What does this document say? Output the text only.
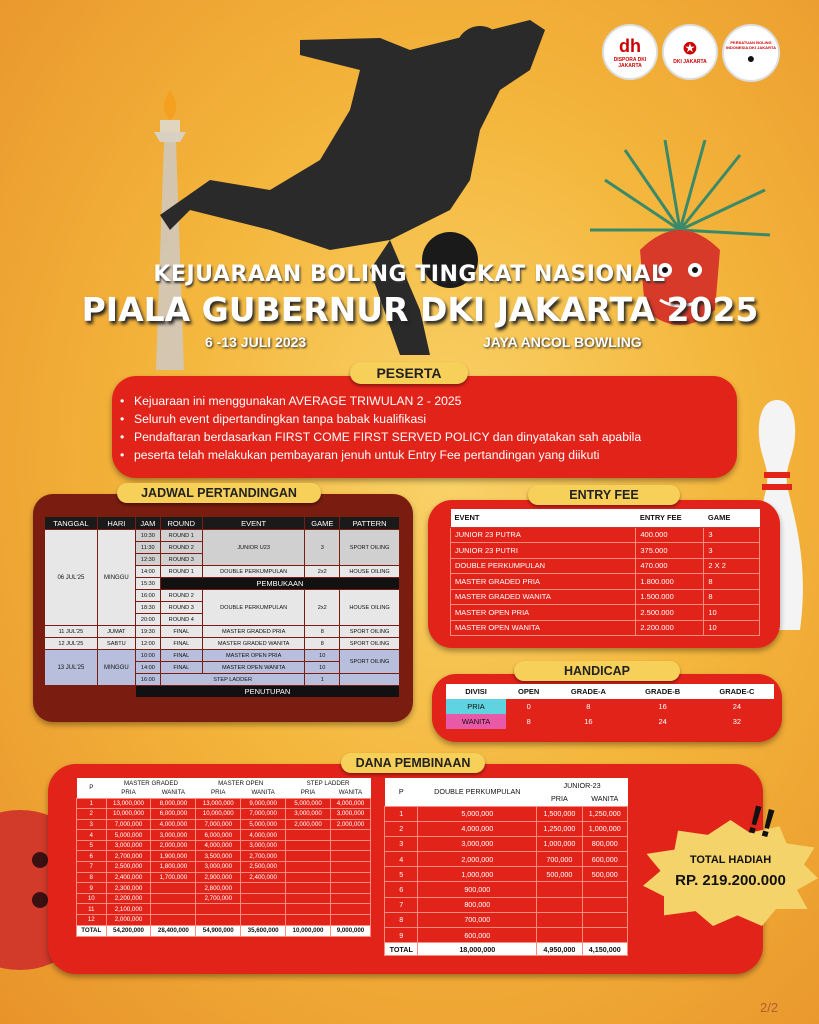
dh
DISPORA DKI JAKARTA
✪
DKI JAKARTA
PERSATUAN BOLING INDONESIA DKI JAKARTA
●
KEJUARAAN BOLING TINGKAT NASIONAL
PIALA GUBERNUR DKI JAKARTA 2025
6 -13 JULI 2023	JAYA ANCOL BOWLING
PESERTA
• Kejuaraan ini menggunakan AVERAGE TRIWULAN 2 - 2025
• Seluruh event dipertandingkan tanpa babak kualifikasi
• Pendaftaran berdasarkan FIRST COME FIRST SERVED POLICY dan dinyatakan sah apabila
• peserta telah melakukan pembayaran jenuh untuk Entry Fee pertandingan yang diikuti
JADWAL PERTANDINGAN
TANGGAL	HARI	JAM	ROUND	EVENT	GAME	PATTERN
06 JUL'25	MINGGU	10:30	ROUND 1	JUNIOR U23	3	SPORT OILING
		11:30	ROUND 2			
		12:30	ROUND 3			
		14:00	ROUND 1	DOUBLE PERKUMPULAN	2x2	HOUSE OILING
		15:30	PEMBUKAAN			
		16:00	ROUND 2	DOUBLE PERKUMPULAN	2x2	HOUSE OILING
		18:30	ROUND 3			
		20:00	ROUND 4			
11 JUL'25	JUMAT	19:30	FINAL	MASTER GRADED PRIA	8	SPORT OILING
12 JUL'25	SABTU	12:00	FINAL	MASTER GRADED WANITA	8	SPORT OILING
13 JUL'25	MINGGU	10:00	FINAL	MASTER OPEN PRIA	10	SPORT OILING
		14:00	FINAL	MASTER OPEN WANITA	10	
		16:00	STEP LADDER		1	
		PENUTUPAN				
ENTRY FEE
EVENT	ENTRY FEE	GAME
JUNIOR 23 PUTRA	400.000	3
JUNIOR 23 PUTRI	375.000	3
DOUBLE PERKUMPULAN	470.000	2 X 2
MASTER GRADED PRIA	1.800.000	8
MASTER GRADED WANITA	1.500.000	8
MASTER OPEN PRIA	2.500.000	10
MASTER OPEN WANITA	2.200.000	10
HANDICAP
DIVISI	OPEN	GRADE-A	GRADE-B	GRADE-C
PRIA	0	8	16	24
WANITA	8	16	24	32
DANA PEMBINAAN
P	MASTER GRADED		MASTER OPEN		STEP LADDER	
	PRIA	WANITA	PRIA	WANITA	PRIA	WANITA
1	13,000,000	8,000,000	13,000,000	9,000,000	5,000,000	4,000,000
2	10,000,000	6,000,000	10,000,000	7,000,000	3,000,000	3,000,000
3	7,000,000	4,000,000	7,000,000	5,000,000	2,000,000	2,000,000
4	5,000,000	3,000,000	6,000,000	4,000,000		
5	3,000,000	2,000,000	4,000,000	3,000,000		
6	2,700,000	1,900,000	3,500,000	2,700,000		
7	2,500,000	1,800,000	3,000,000	2,500,000		
8	2,400,000	1,700,000	2,900,000	2,400,000		
9	2,300,000		2,800,000			
10	2,200,000		2,700,000			
11	2,100,000					
12	2,000,000					
TOTAL	54,200,000	28,400,000	54,900,000	35,600,000	10,000,000	9,000,000
P	DOUBLE PERKUMPULAN	JUNIOR-23	
		PRIA	WANITA
1	5,000,000	1,500,000	1,250,000
2	4,000,000	1,250,000	1,000,000
3	3,000,000	1,000,000	800,000
4	2,000,000	700,000	600,000
5	1,000,000	500,000	500,000
6	900,000		
7	800,000		
8	700,000		
9	600,000		
TOTAL	18,000,000	4,950,000	4,150,000
!!
TOTAL HADIAH
RP. 219.200.000
2/2
